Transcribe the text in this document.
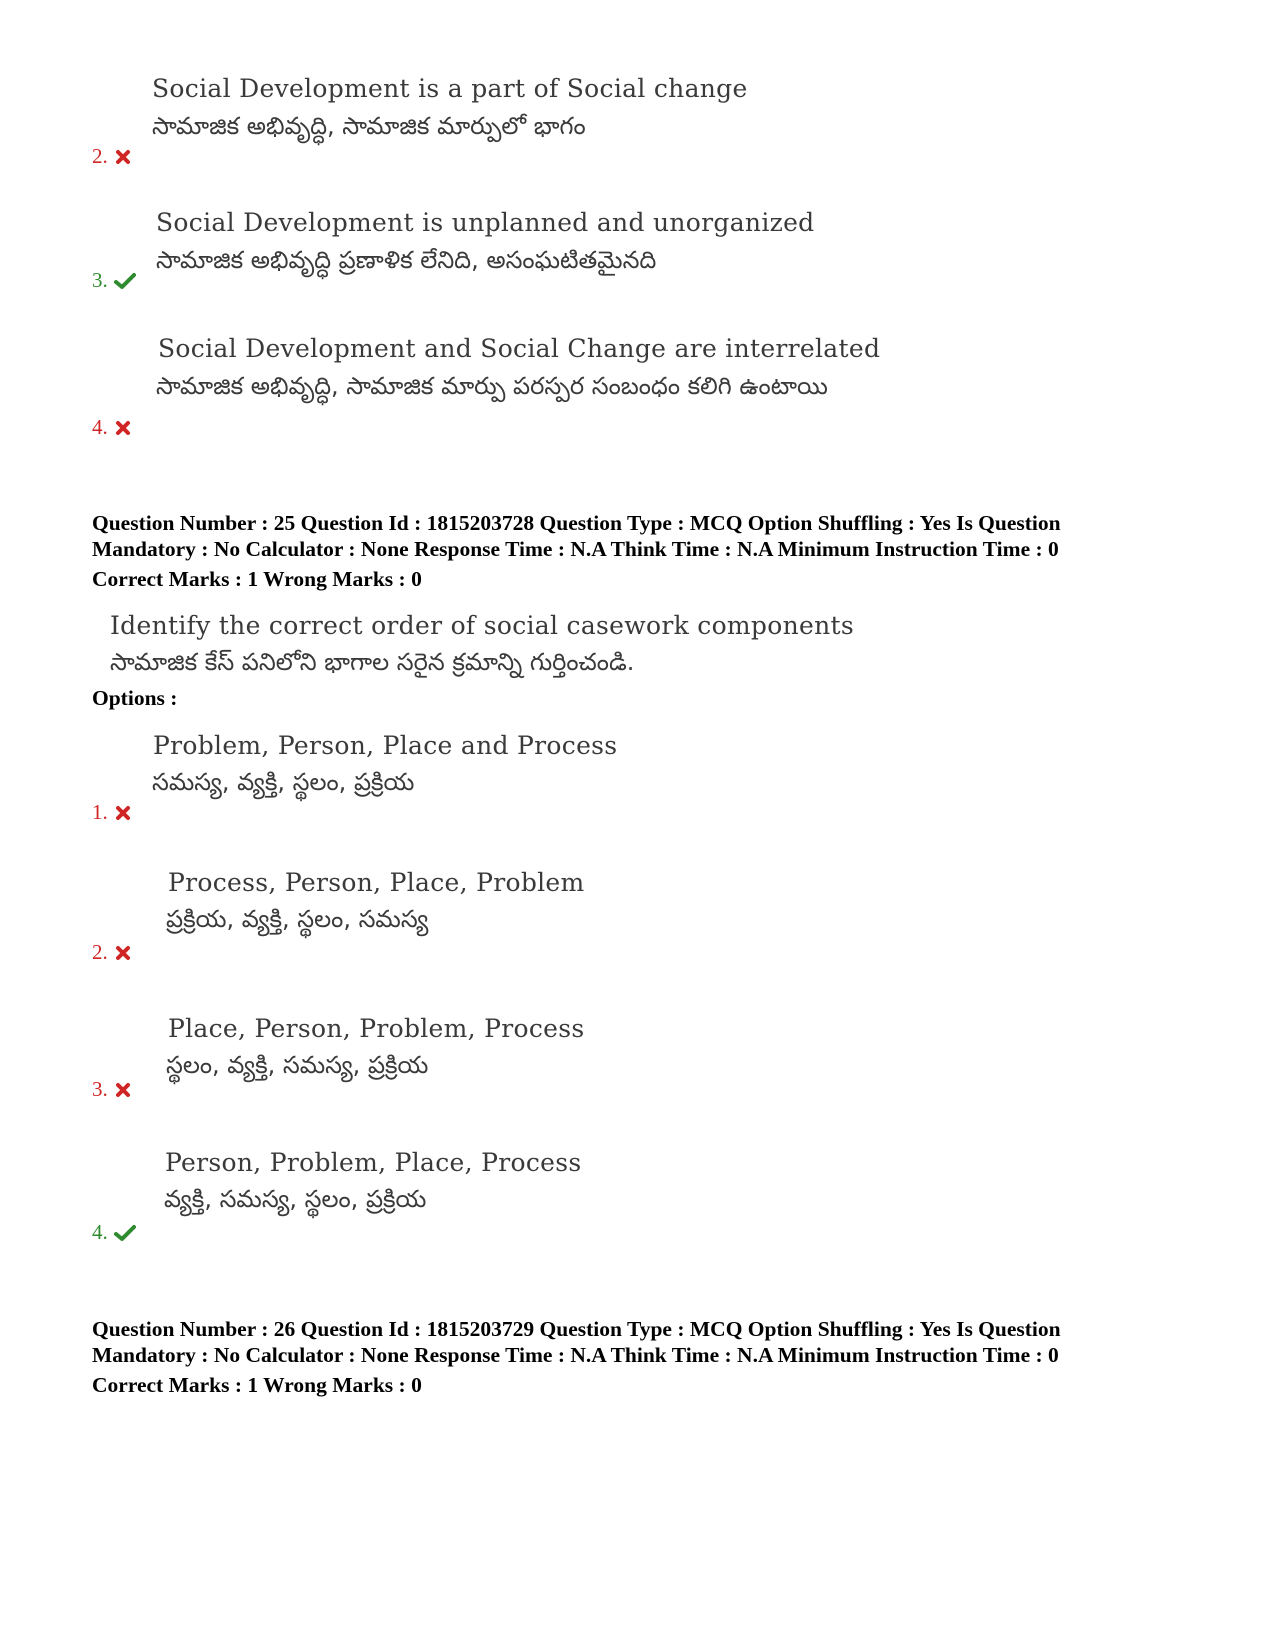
Social Development is a part of Social change
సామాజిక అభివృద్ధి, సామాజిక మార్పులో భాగం
2.
Social Development is unplanned and unorganized
సామాజిక అభివృద్ధి ప్రణాళిక లేనిది, అసంఘటితమైనది
3.
Social Development and Social Change are interrelated
సామాజిక అభివృద్ధి, సామాజిక మార్పు పరస్పర సంబంధం కలిగి ఉంటాయి
4.
Question Number : 25 Question Id : 1815203728 Question Type : MCQ Option Shuffling : Yes Is Question
Mandatory : No Calculator : None Response Time : N.A Think Time : N.A Minimum Instruction Time : 0
Correct Marks : 1 Wrong Marks : 0
Identify the correct order of social casework components
సామాజిక కేస్ పనిలోని భాగాల సరైన క్రమాన్ని గుర్తించండి.
Options :
Problem, Person, Place and Process
సమస్య, వ్యక్తి, స్థలం, ప్రక్రియ
1.
Process, Person, Place, Problem
ప్రక్రియ, వ్యక్తి, స్థలం, సమస్య
2.
Place, Person, Problem, Process
స్థలం, వ్యక్తి, సమస్య, ప్రక్రియ
3.
Person, Problem, Place, Process
వ్యక్తి, సమస్య, స్థలం, ప్రక్రియ
4.
Question Number : 26 Question Id : 1815203729 Question Type : MCQ Option Shuffling : Yes Is Question
Mandatory : No Calculator : None Response Time : N.A Think Time : N.A Minimum Instruction Time : 0
Correct Marks : 1 Wrong Marks : 0
